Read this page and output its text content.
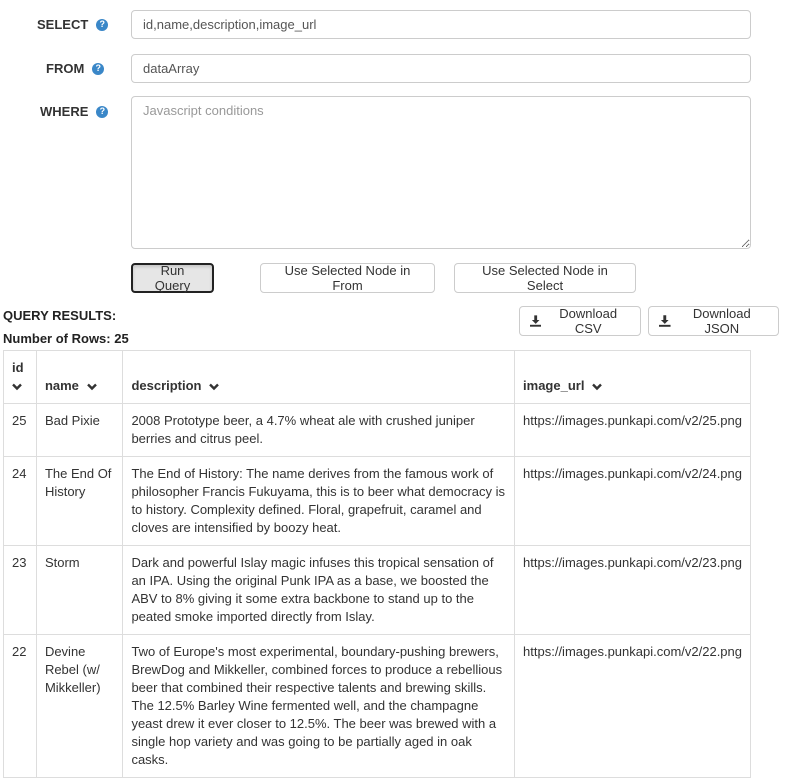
SELECT	?
id,name,description,image_url
FROM	?
dataArray
WHERE	?
Javascript conditions
Run Query
Use Selected Node in From
Use Selected Node in Select
QUERY RESULTS:
Number of Rows: 25
Download CSV
Download JSON
id	name	description	image_url
25	Bad Pixie	2008 Prototype beer, a 4.7% wheat ale with crushed juniper berries and citrus peel.	https://images.punkapi.com/v2/25.png
24	The End Of History	The End of History: The name derives from the famous work of philosopher Francis Fukuyama, this is to beer what democracy is to history. Complexity defined. Floral, grapefruit, caramel and cloves are intensified by boozy heat.	https://images.punkapi.com/v2/24.png
23	Storm	Dark and powerful Islay magic infuses this tropical sensation of an IPA. Using the original Punk IPA as a base, we boosted the ABV to 8% giving it some extra backbone to stand up to the peated smoke imported directly from Islay.	https://images.punkapi.com/v2/23.png
22	Devine Rebel (w/ Mikkeller)	Two of Europe's most experimental, boundary-pushing brewers, BrewDog and Mikkeller, combined forces to produce a rebellious beer that combined their respective talents and brewing skills. The 12.5% Barley Wine fermented well, and the champagne yeast drew it ever closer to 12.5%. The beer was brewed with a single hop variety and was going to be partially aged in oak casks.	https://images.punkapi.com/v2/22.png
